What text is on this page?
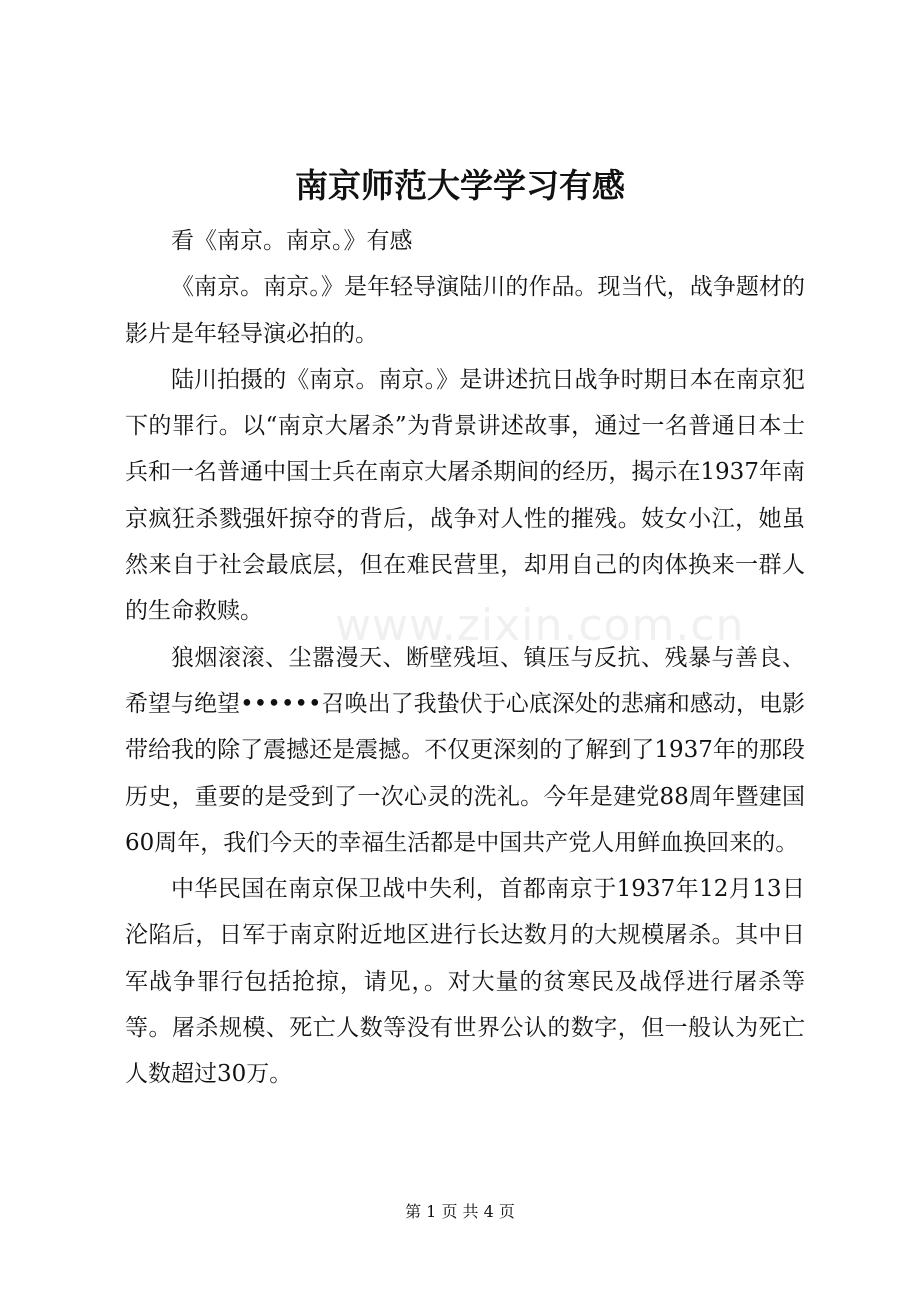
南京师范大学学习有感

看《南京。南京。》有感

《南京。南京。》是年轻导演陆川的作品。现当代，战争题材的影片是年轻导演必拍的。

陆川拍摄的《南京。南京。》是讲述抗日战争时期日本在南京犯下的罪行。以“南京大屠杀”为背景讲述故事，通过一名普通日本士兵和一名普通中国士兵在南京大屠杀期间的经历，揭示在1937年南京疯狂杀戮强奸掠夺的背后，战争对人性的摧残。妓女小江，她虽然来自于社会最底层，但在难民营里，却用自己的肉体换来一群人的生命救赎。

狼烟滚滚、尘嚣漫天、断壁残垣、镇压与反抗、残暴与善良、希望与绝望••••••召唤出了我蛰伏于心底深处的悲痛和感动，电影带给我的除了震撼还是震撼。不仅更深刻的了解到了1937年的那段历史，重要的是受到了一次心灵的洗礼。今年是建党88周年暨建国60周年，我们今天的幸福生活都是中国共产党人用鲜血换回来的。

中华民国在南京保卫战中失利，首都南京于1937年12月13日沦陷后，日军于南京附近地区进行长达数月的大规模屠杀。其中日军战争罪行包括抢掠，请见，。对大量的贫寒民及战俘进行屠杀等等。屠杀规模、死亡人数等没有世界公认的数字，但一般认为死亡人数超过30万。

www.zixin.com.cn
第 1 页 共 4 页
